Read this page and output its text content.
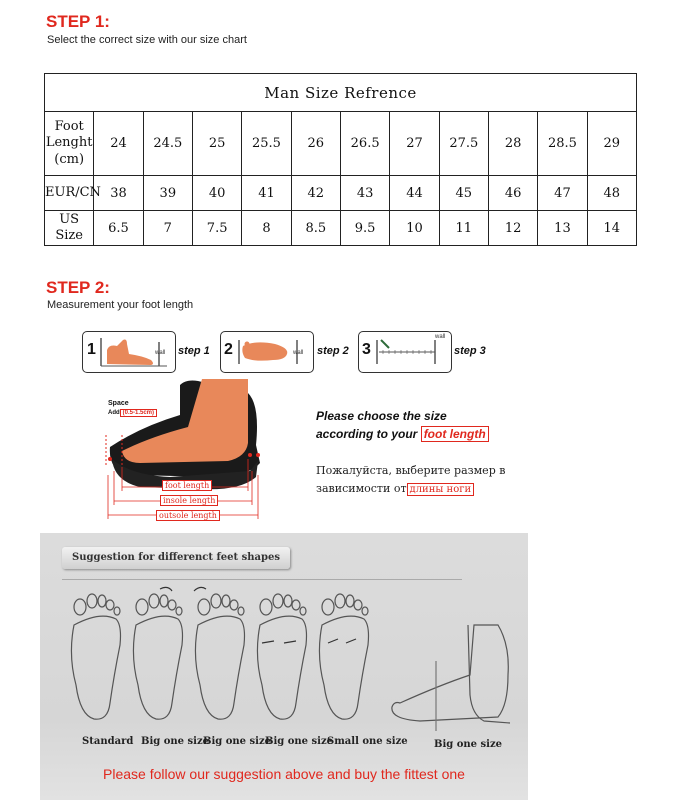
STEP 1:
Select the correct size with our size chart
Man Size Refrence											

Foot
Lenght
(cm)	24	24.5	25	25.5	26	26.5	27	27.5	28	28.5	29
EUR/CN	38	39	40	41	42	43	44	45	46	47	48
US Size	6.5	7	7.5	8	8.5	9.5	10	11	12	13	14
STEP 2:
Measurement your foot length
1	wall step 1 2	wall step 2 3
wall
step 3
Space
Add (0.5-1.5cm)
foot length
insole length
outsole length
Please choose the size
according to your foot length
Пожалуйста, выберите размер в
зависимости от длины ноги
Suggestion for differenct feet shapes
Standard Big one size
Big one size
Big one size
Small one size	Big one size
Please follow our suggestion above and buy the fittest one
